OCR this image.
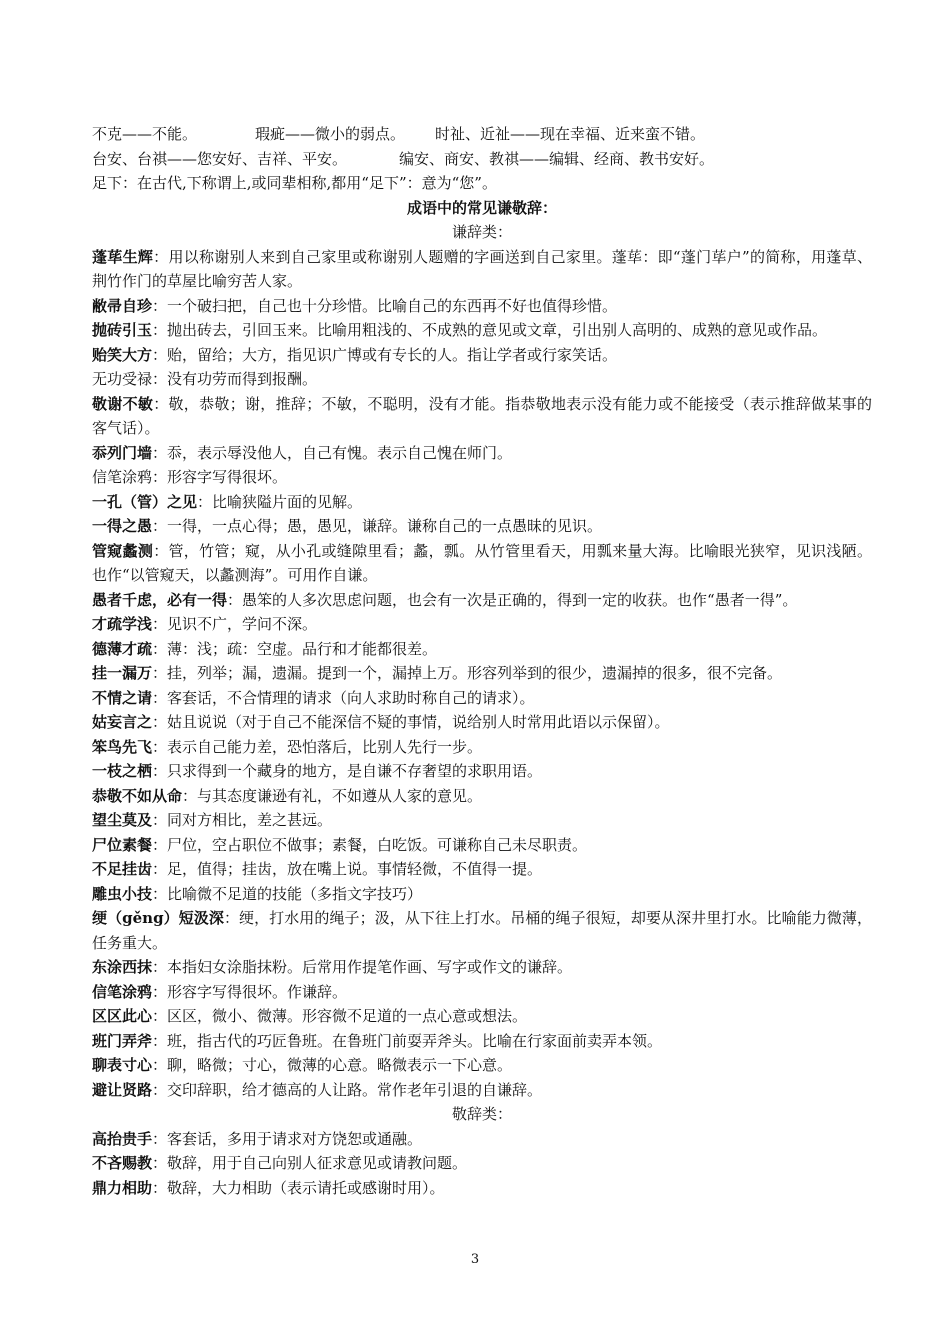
不克——不能。	瑕疵——微小的弱点。 时祉、近祉——现在幸福、近来蛮不错。
台安、台祺——您安好、吉祥、平安。	编安、商安、教祺——编辑、经商、教书安好。
足下：在古代,下称谓上,或同辈相称,都用“足下”：意为“您”。
成语中的常见谦敬辞：
谦辞类：
蓬荜生辉：用以称谢别人来到自己家里或称谢别人题赠的字画送到自己家里。蓬荜：即“蓬门荜户”的简称，用蓬草、荆竹作门的草屋比喻穷苦人家。
敝帚自珍：一个破扫把，自己也十分珍惜。比喻自己的东西再不好也值得珍惜。
抛砖引玉：抛出砖去，引回玉来。比喻用粗浅的、不成熟的意见或文章，引出别人高明的、成熟的意见或作品。
贻笑大方：贻，留给；大方，指见识广博或有专长的人。指让学者或行家笑话。
无功受禄：没有功劳而得到报酬。
敬谢不敏：敬，恭敬；谢，推辞；不敏，不聪明，没有才能。指恭敬地表示没有能力或不能接受（表示推辞做某事的客气话）。
忝列门墙：忝，表示辱没他人，自己有愧。表示自己愧在师门。
信笔涂鸦：形容字写得很坏。
一孔（管）之见：比喻狭隘片面的见解。
一得之愚：一得，一点心得；愚，愚见，谦辞。谦称自己的一点愚昧的见识。
管窥蠡测：管，竹管；窥，从小孔或缝隙里看；蠡，瓢。从竹管里看天，用瓢来量大海。比喻眼光狭窄，见识浅陋。也作“以管窥天，以蠡测海”。可用作自谦。
愚者千虑，必有一得：愚笨的人多次思虑问题，也会有一次是正确的，得到一定的收获。也作“愚者一得”。
才疏学浅：见识不广，学问不深。
德薄才疏：薄：浅；疏：空虚。品行和才能都很差。
挂一漏万：挂，列举；漏，遗漏。提到一个，漏掉上万。形容列举到的很少，遗漏掉的很多，很不完备。
不情之请：客套话，不合情理的请求（向人求助时称自己的请求）。
姑妄言之：姑且说说（对于自己不能深信不疑的事情，说给别人时常用此语以示保留）。
笨鸟先飞：表示自己能力差，恐怕落后，比别人先行一步。
一枝之栖：只求得到一个藏身的地方，是自谦不存奢望的求职用语。
恭敬不如从命：与其态度谦逊有礼，不如遵从人家的意见。
望尘莫及：同对方相比，差之甚远。
尸位素餐：尸位，空占职位不做事；素餐，白吃饭。可谦称自己未尽职责。
不足挂齿：足，值得；挂齿，放在嘴上说。事情轻微，不值得一提。
雕虫小技：比喻微不足道的技能（多指文字技巧）
绠（gěng）短汲深：绠，打水用的绳子；汲，从下往上打水。吊桶的绳子很短，却要从深井里打水。比喻能力微薄，任务重大。
东涂西抹：本指妇女涂脂抹粉。后常用作提笔作画、写字或作文的谦辞。
信笔涂鸦：形容字写得很坏。作谦辞。
区区此心：区区，微小、微薄。形容微不足道的一点心意或想法。
班门弄斧：班，指古代的巧匠鲁班。在鲁班门前耍弄斧头。比喻在行家面前卖弄本领。
聊表寸心：聊，略微；寸心，微薄的心意。略微表示一下心意。
避让贤路：交印辞职，给才德高的人让路。常作老年引退的自谦辞。
敬辞类：
高抬贵手：客套话，多用于请求对方饶恕或通融。
不吝赐教：敬辞，用于自己向别人征求意见或请教问题。
鼎力相助：敬辞，大力相助（表示请托或感谢时用）。
3
